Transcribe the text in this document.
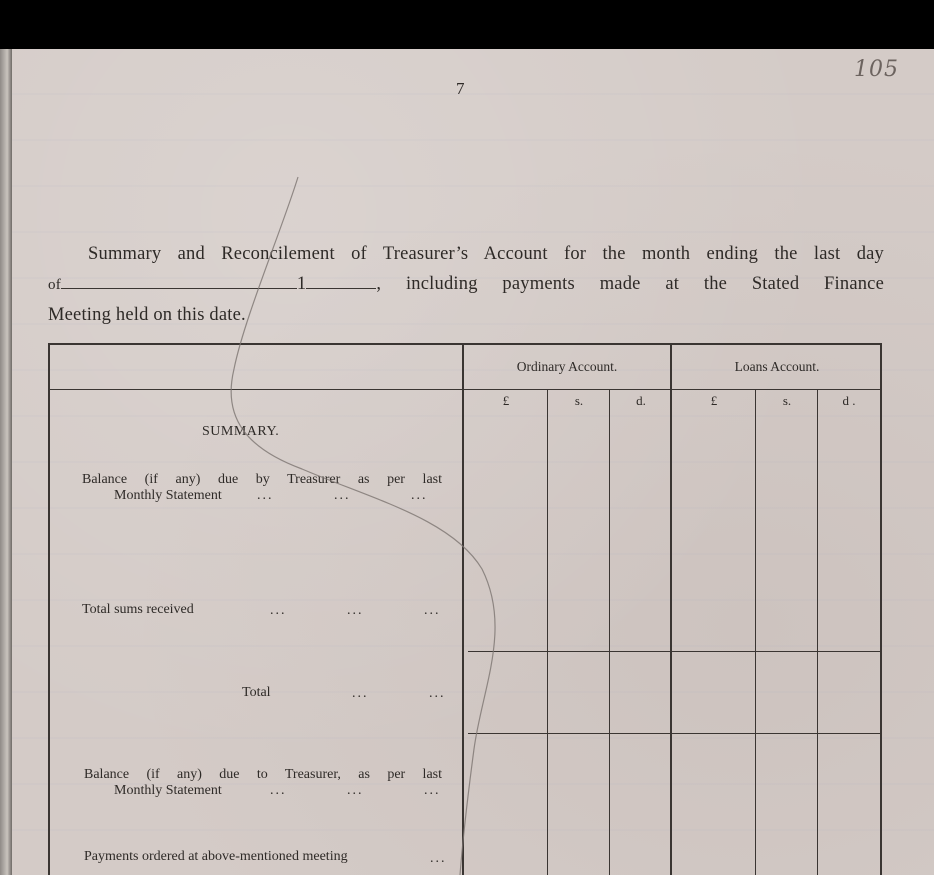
7
105
Summary and Reconcilement of Treasurer’s Account for the month ending the last day
of	1	, including payments made at the Stated Finance
Meeting held on this date.
Ordinary Account.	Loans Account.
£	s.	d.	£	s.	d .
SUMMARY.
Balance (if any) due by Treasurer as per last
Monthly Statement	...           ...           ...
Total sums received	...           ...           ...
Total	...           ...
Balance (if any) due to Treasurer, as per last
Monthly Statement	...           ...           ...
Payments ordered at above-mentioned meeting	...
